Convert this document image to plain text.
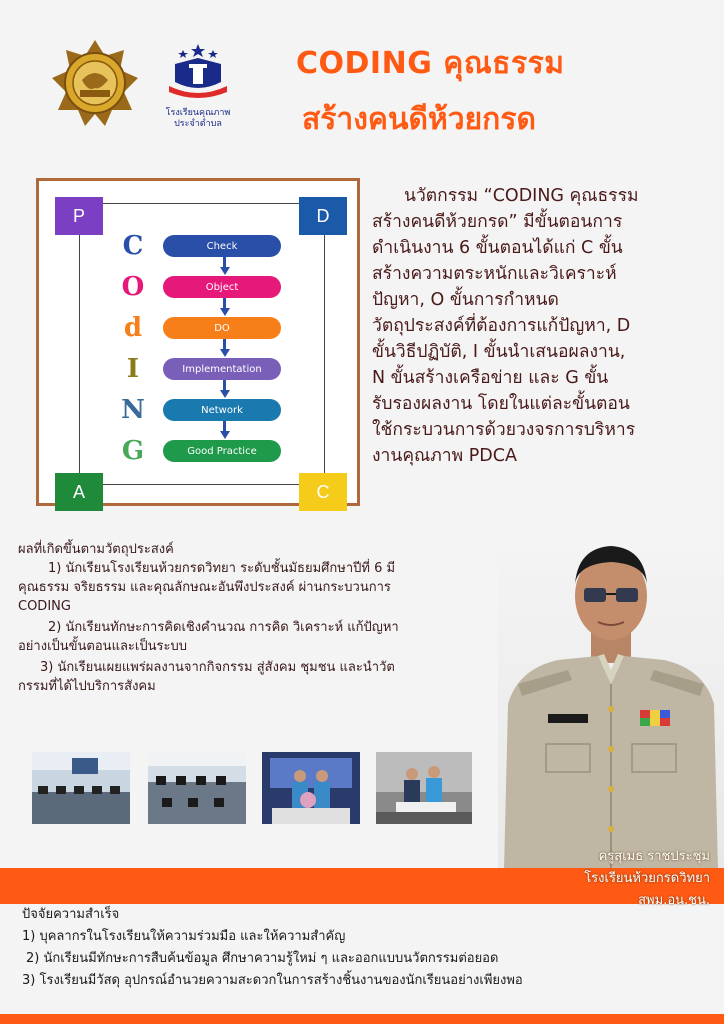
โรงเรียนคุณภาพ
ประจำตำบล
CODING คุณธรรม
สร้างคนดีห้วยกรด
P	D
A	C
Check
C
Object
O
DO
d
Implementation
I
Network
N
Good Practice
G
นวัตกรรม “CODING คุณธรรม
สร้างคนดีห้วยกรด” มีขั้นตอนการ
ดำเนินงาน 6 ขั้นตอนได้แก่ C ขั้น
สร้างความตระหนักและวิเคราะห์
ปัญหา, O ขั้นการกำหนด
วัตถุประสงค์ที่ต้องการแก้ปัญหา, D
ขั้นวิธีปฏิบัติ, I ขั้นนำเสนอผลงาน,
N ขั้นสร้างเครือข่าย และ G ขั้น
รับรองผลงาน โดยในแต่ละขั้นตอน
ใช้กระบวนการด้วยวงจรการบริหาร
งานคุณภาพ PDCA

ผลที่เกิดขึ้นตามวัตถุประสงค์

1) นักเรียนโรงเรียนห้วยกรดวิทยา ระดับชั้นมัธยมศึกษาปีที่ 6 มี

คุณธรรม จริยธรรม และคุณลักษณะอันพึงประสงค์ ผ่านกระบวนการ

CODING

2) นักเรียนทักษะการคิดเชิงคำนวณ การคิด วิเคราะห์ แก้ปัญหา

อย่างเป็นขั้นตอนและเป็นระบบ

3) นักเรียนเผยแพร่ผลงานจากกิจกรรม สู่สังคม ชุมชน และนำวัต

กรรมที่ได้ไปบริการสังคม

ครูสุเมธ ราชประชุม
โรงเรียนห้วยกรดวิทยา
สพม.อน.ชน.

ปัจจัยความสำเร็จ

1) บุคลากรในโรงเรียนให้ความร่วมมือ และให้ความสำคัญ

2) นักเรียนมีทักษะการสืบค้นข้อมูล ศึกษาความรู้ใหม่ ๆ และออกแบบนวัตกรรมต่อยอด

3) โรงเรียนมีวัสดุ อุปกรณ์อำนวยความสะดวกในการสร้างชิ้นงานของนักเรียนอย่างเพียงพอ
